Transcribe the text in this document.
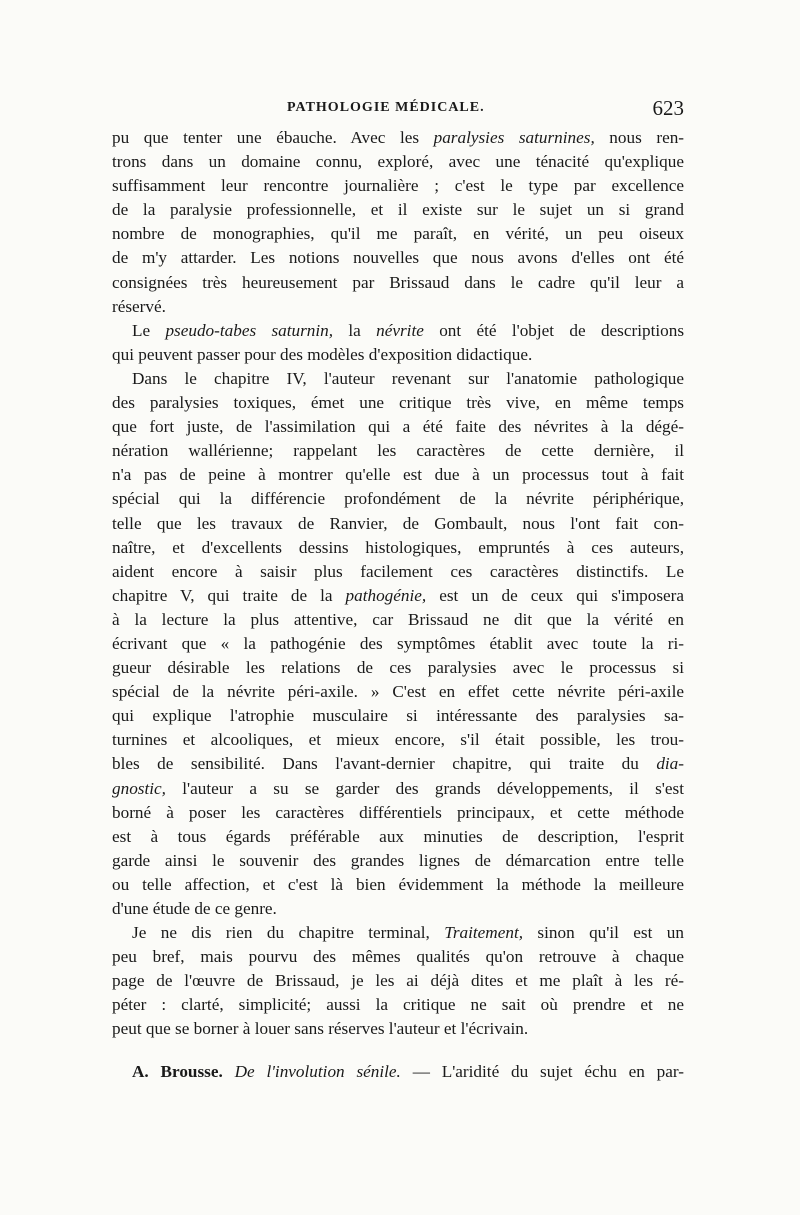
PATHOLOGIE MÉDICALE.	623
pu que tenter une ébauche. Avec les paralysies saturnines, nous ren-
trons dans un domaine connu, exploré, avec une ténacité qu'explique
suffisamment leur rencontre journalière ; c'est le type par excellence
de la paralysie professionnelle, et il existe sur le sujet un si grand
nombre de monographies, qu'il me paraît, en vérité, un peu oiseux
de m'y attarder. Les notions nouvelles que nous avons d'elles ont été
consignées très heureusement par Brissaud dans le cadre qu'il leur a
réservé.
Le pseudo-tabes saturnin, la névrite ont été l'objet de descriptions
qui peuvent passer pour des modèles d'exposition didactique.
Dans le chapitre IV, l'auteur revenant sur l'anatomie pathologique
des paralysies toxiques, émet une critique très vive, en même temps
que fort juste, de l'assimilation qui a été faite des névrites à la dégé-
nération wallérienne; rappelant les caractères de cette dernière, il
n'a pas de peine à montrer qu'elle est due à un processus tout à fait
spécial qui la différencie profondément de la névrite périphérique,
telle que les travaux de Ranvier, de Gombault, nous l'ont fait con-
naître, et d'excellents dessins histologiques, empruntés à ces auteurs,
aident encore à saisir plus facilement ces caractères distinctifs. Le
chapitre V, qui traite de la pathogénie, est un de ceux qui s'imposera
à la lecture la plus attentive, car Brissaud ne dit que la vérité en
écrivant que « la pathogénie des symptômes établit avec toute la ri-
gueur désirable les relations de ces paralysies avec le processus si
spécial de la névrite péri-axile. » C'est en effet cette névrite péri-axile
qui explique l'atrophie musculaire si intéressante des paralysies sa-
turnines et alcooliques, et mieux encore, s'il était possible, les trou-
bles de sensibilité. Dans l'avant-dernier chapitre, qui traite du dia-
gnostic, l'auteur a su se garder des grands développements, il s'est
borné à poser les caractères différentiels principaux, et cette méthode
est à tous égards préférable aux minuties de description, l'esprit
garde ainsi le souvenir des grandes lignes de démarcation entre telle
ou telle affection, et c'est là bien évidemment la méthode la meilleure
d'une étude de ce genre.
Je ne dis rien du chapitre terminal, Traitement, sinon qu'il est un
peu bref, mais pourvu des mêmes qualités qu'on retrouve à chaque
page de l'œuvre de Brissaud, je les ai déjà dites et me plaît à les ré-
péter : clarté, simplicité; aussi la critique ne sait où prendre et ne
peut que se borner à louer sans réserves l'auteur et l'écrivain.
A. Brousse. De l'involution sénile. — L'aridité du sujet échu en par-
